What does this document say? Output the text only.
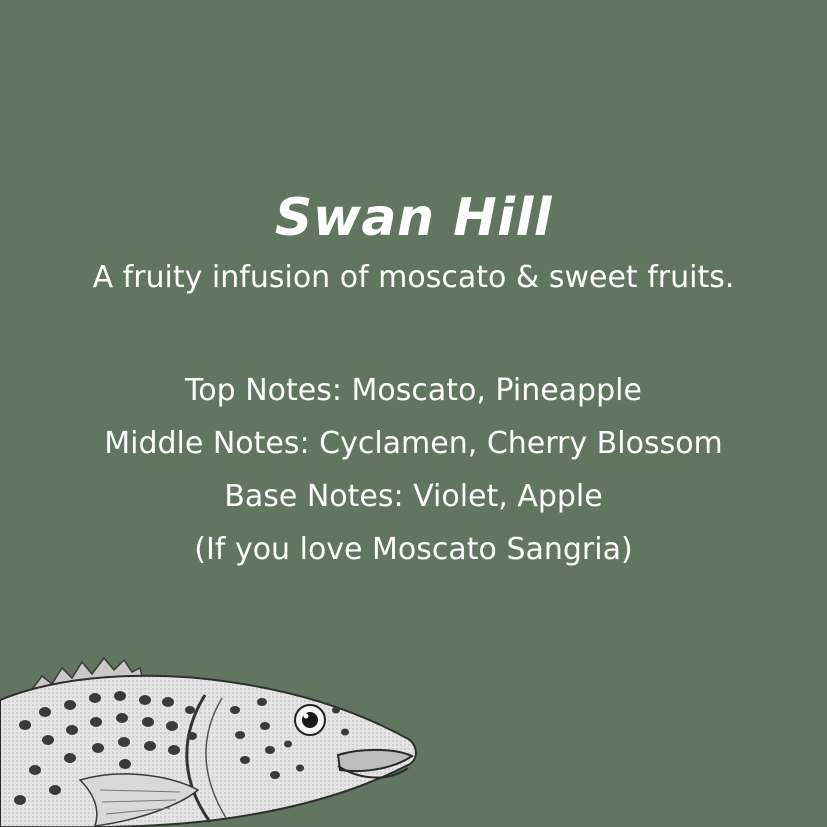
Swan Hill
A fruity infusion of moscato & sweet fruits.
Top Notes: Moscato, Pineapple
Middle Notes: Cyclamen, Cherry Blossom
Base Notes: Violet, Apple
(If you love Moscato Sangria)
